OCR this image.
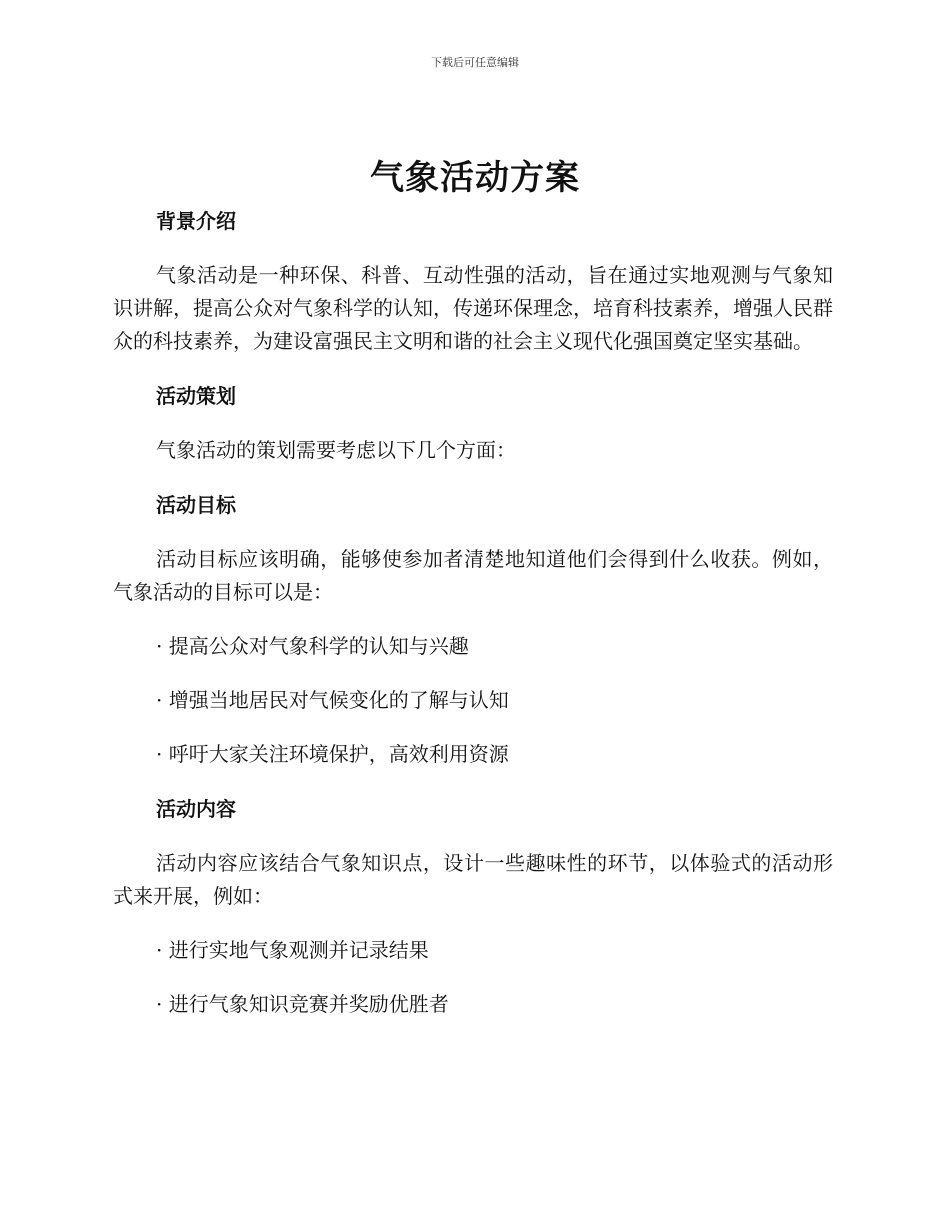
下载后可任意编辑
气象活动方案

背景介绍

气象活动是一种环保、科普、互动性强的活动，旨在通过实地观测与气象知识讲解，提高公众对气象科学的认知，传递环保理念，培育科技素养，增强人民群众的科技素养，为建设富强民主文明和谐的社会主义现代化强国奠定坚实基础。

活动策划

气象活动的策划需要考虑以下几个方面：

活动目标

活动目标应该明确，能够使参加者清楚地知道他们会得到什么收获。例如，气象活动的目标可以是：

· 提高公众对气象科学的认知与兴趣

· 增强当地居民对气候变化的了解与认知

· 呼吁大家关注环境保护，高效利用资源

活动内容

活动内容应该结合气象知识点，设计一些趣味性的环节，以体验式的活动形式来开展，例如：

· 进行实地气象观测并记录结果

· 进行气象知识竞赛并奖励优胜者
